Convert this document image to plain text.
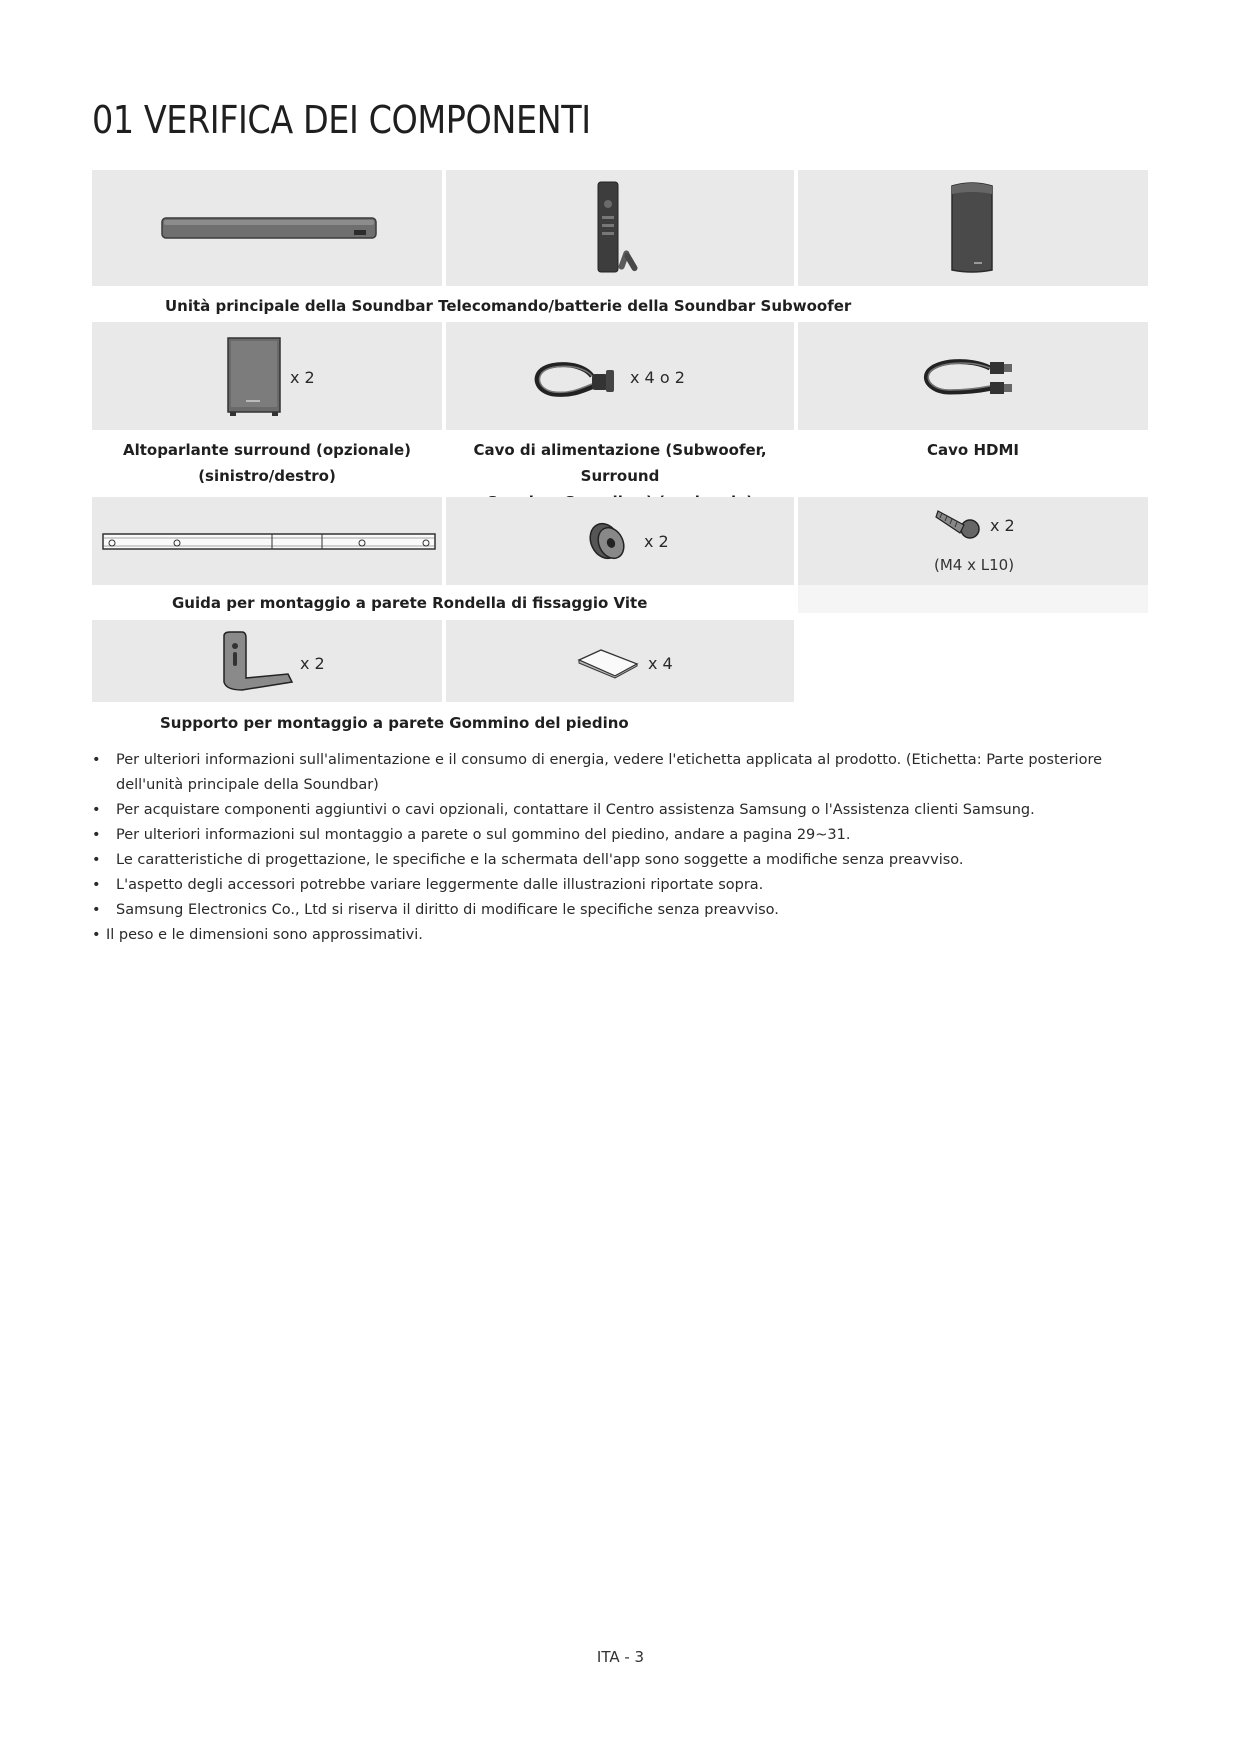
01 VERIFICA DEI COMPONENTI
Unità principale della Soundbar Telecomando/batterie della Soundbar Subwoofer
x 2	x 4 o 2
Altoparlante surround (opzionale)
(sinistro/destro)
Cavo di alimentazione (Subwoofer, Surround
Cavo HDMI
x 2
x 2
(M4 x L10)
Guida per montaggio a parete Rondella di fissaggio Vite
x 2	x 4
Supporto per montaggio a parete Gommino del piedino
• Per ulteriori informazioni sull'alimentazione e il consumo di energia, vedere l'etichetta applicata al prodotto. (Etichetta: Parte posteriore dell'unità principale della Soundbar)
• Per acquistare componenti aggiuntivi o cavi opzionali, contattare il Centro assistenza Samsung o l'Assistenza clienti Samsung.
• Per ulteriori informazioni sul montaggio a parete o sul gommino del piedino, andare a pagina 29~31.
• Le caratteristiche di progettazione, le specifiche e la schermata dell'app sono soggette a modifiche senza preavviso.
• L'aspetto degli accessori potrebbe variare leggermente dalle illustrazioni riportate sopra.
• Samsung Electronics Co., Ltd si riserva il diritto di modificare le specifiche senza preavviso.
• Il peso e le dimensioni sono approssimativi.
ITA - 3
